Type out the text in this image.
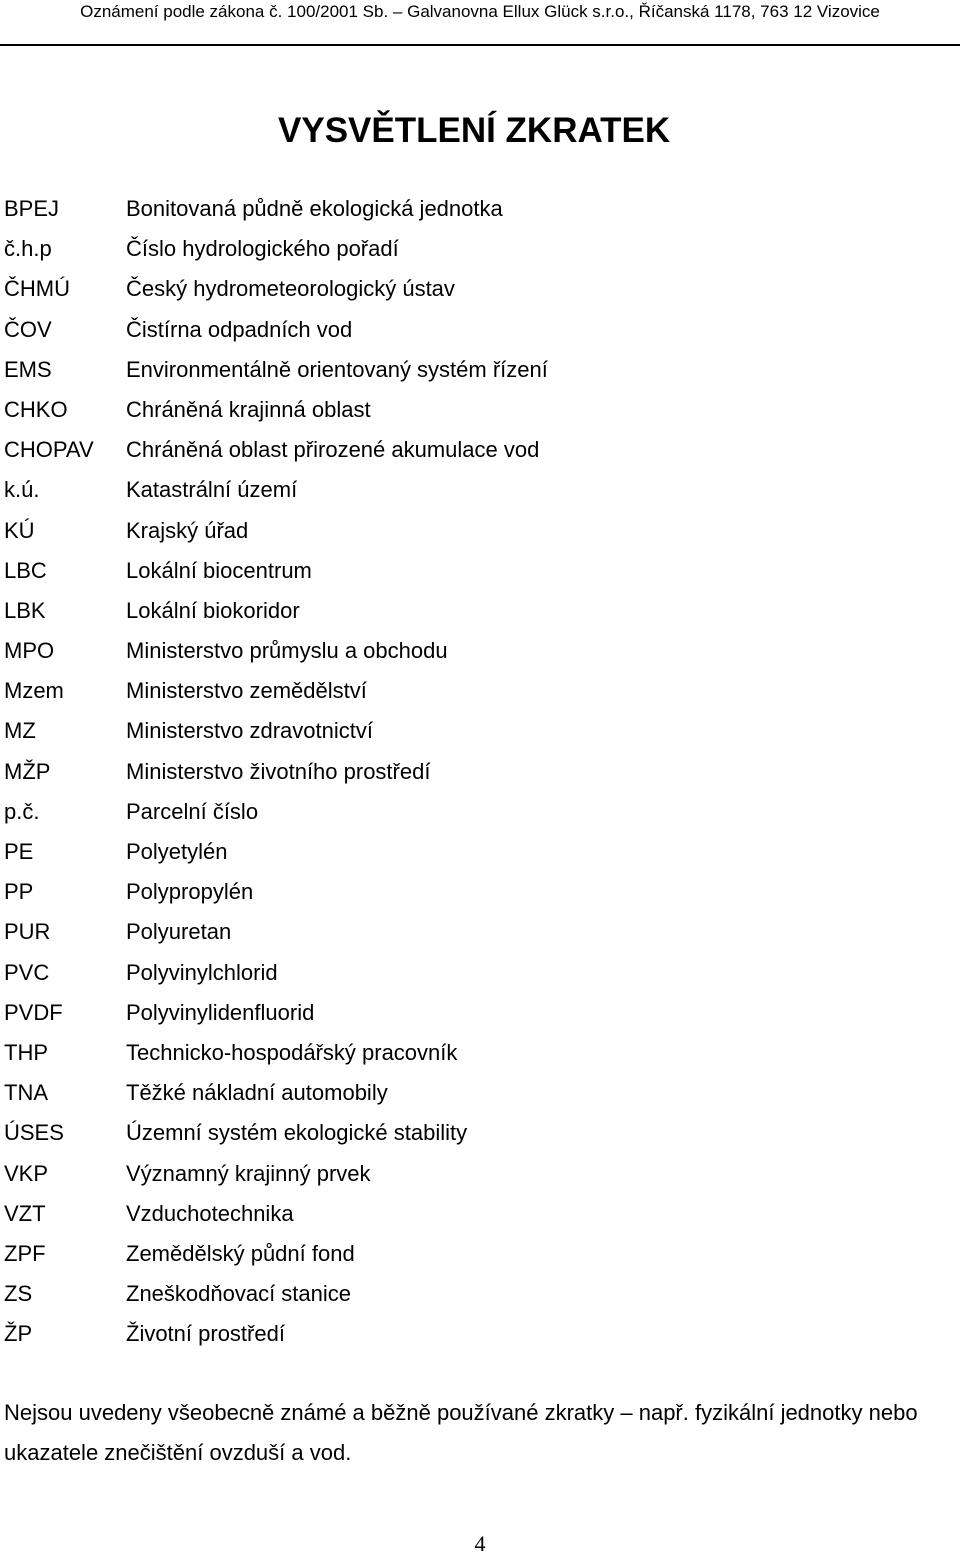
Oznámení podle zákona č. 100/2001 Sb. – Galvanovna Ellux Glück s.r.o., Říčanská 1178, 763 12 Vizovice
VYSVĚTLENÍ ZKRATEK
BPEJ	Bonitovaná půdně ekologická jednotka
č.h.p	Číslo hydrologického pořadí
ČHMÚ	Český hydrometeorologický ústav
ČOV	Čistírna odpadních vod
EMS	Environmentálně orientovaný systém řízení
CHKO	Chráněná krajinná oblast
CHOPAV	Chráněná oblast přirozené akumulace vod
k.ú.	Katastrální území
KÚ	Krajský úřad
LBC	Lokální biocentrum
LBK	Lokální biokoridor
MPO	Ministerstvo průmyslu a obchodu
Mzem	Ministerstvo zemědělství
MZ	Ministerstvo zdravotnictví
MŽP	Ministerstvo životního prostředí
p.č.	Parcelní číslo
PE	Polyetylén
PP	Polypropylén
PUR	Polyuretan
PVC	Polyvinylchlorid
PVDF	Polyvinylidenfluorid
THP	Technicko-hospodářský pracovník
TNA	Těžké nákladní automobily
ÚSES	Územní systém ekologické stability
VKP	Významný krajinný prvek
VZT	Vzduchotechnika
ZPF	Zemědělský půdní fond
ZS	Zneškodňovací stanice
ŽP	Životní prostředí
Nejsou uvedeny všeobecně známé a běžně používané zkratky – např. fyzikální jednotky nebo ukazatele znečištění ovzduší a vod.
4
